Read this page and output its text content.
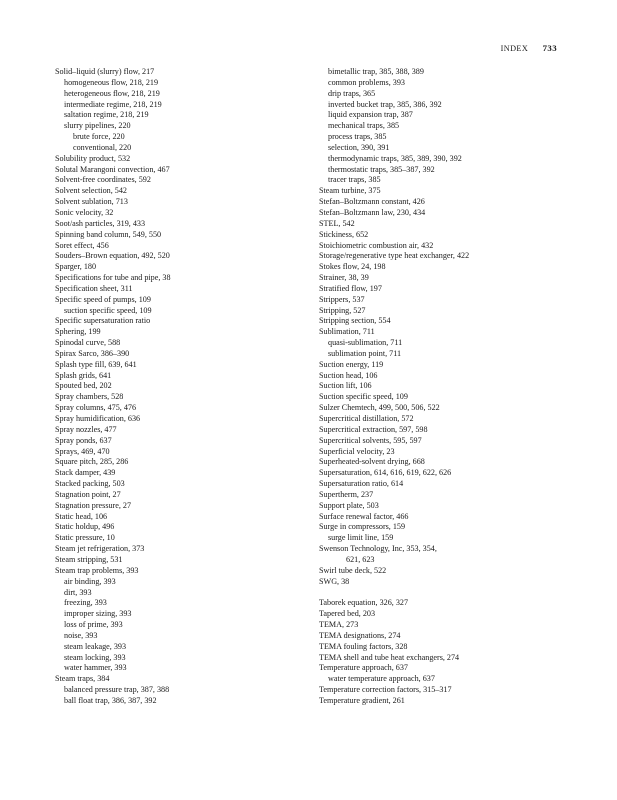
INDEX 733
Solid–liquid (slurry) flow, 217
homogeneous flow, 218, 219
heterogeneous flow, 218, 219
intermediate regime, 218, 219
saltation regime, 218, 219
slurry pipelines, 220
brute force, 220
conventional, 220
Solubility product, 532
Solutal Marangoni convection, 467
Solvent-free coordinates, 592
Solvent selection, 542
Solvent sublation, 713
Sonic velocity, 32
Soot/ash particles, 319, 433
Spinning band column, 549, 550
Soret effect, 456
Souders–Brown equation, 492, 520
Sparger, 180
Specifications for tube and pipe, 38
Specification sheet, 311
Specific speed of pumps, 109
suction specific speed, 109
Specific supersaturation ratio
Sphering, 199
Spinodal curve, 588
Spirax Sarco, 386–390
Splash type fill, 639, 641
Splash grids, 641
Spouted bed, 202
Spray chambers, 528
Spray columns, 475, 476
Spray humidification, 636
Spray nozzles, 477
Spray ponds, 637
Sprays, 469, 470
Square pitch, 285, 286
Stack damper, 439
Stacked packing, 503
Stagnation point, 27
Stagnation pressure, 27
Static head, 106
Static holdup, 496
Static pressure, 10
Steam jet refrigeration, 373
Steam stripping, 531
Steam trap problems, 393
air binding, 393
dirt, 393
freezing, 393
improper sizing, 393
loss of prime, 393
noise, 393
steam leakage, 393
steam locking, 393
water hammer, 393
Steam traps, 384
balanced pressure trap, 387, 388
ball float trap, 386, 387, 392
bimetallic trap, 385, 388, 389
common problems, 393
drip traps, 365
inverted bucket trap, 385, 386, 392
liquid expansion trap, 387
mechanical traps, 385
process traps, 385
selection, 390, 391
thermodynamic traps, 385, 389, 390, 392
thermostatic traps, 385–387, 392
tracer traps, 385
Steam turbine, 375
Stefan–Boltzmann constant, 426
Stefan–Boltzmann law, 230, 434
STEL, 542
Stickiness, 652
Stoichiometric combustion air, 432
Storage/regenerative type heat exchanger, 422
Stokes flow, 24, 198
Strainer, 38, 39
Stratified flow, 197
Strippers, 537
Stripping, 527
Stripping section, 554
Sublimation, 711
quasi-sublimation, 711
sublimation point, 711
Suction energy, 119
Suction head, 106
Suction lift, 106
Suction specific speed, 109
Sulzer Chemtech, 499, 500, 506, 522
Supercritical distillation, 572
Supercritical extraction, 597, 598
Supercritical solvents, 595, 597
Superficial velocity, 23
Superheated-solvent drying, 668
Supersaturation, 614, 616, 619, 622, 626
Supersaturation ratio, 614
Supertherm, 237
Support plate, 503
Surface renewal factor, 466
Surge in compressors, 159
surge limit line, 159
Swenson Technology, Inc, 353, 354,
621, 623
Swirl tube deck, 522
SWG, 38
Taborek equation, 326, 327
Tapered bed, 203
TEMA, 273
TEMA designations, 274
TEMA fouling factors, 328
TEMA shell and tube heat exchangers, 274
Temperature approach, 637
water temperature approach, 637
Temperature correction factors, 315–317
Temperature gradient, 261
